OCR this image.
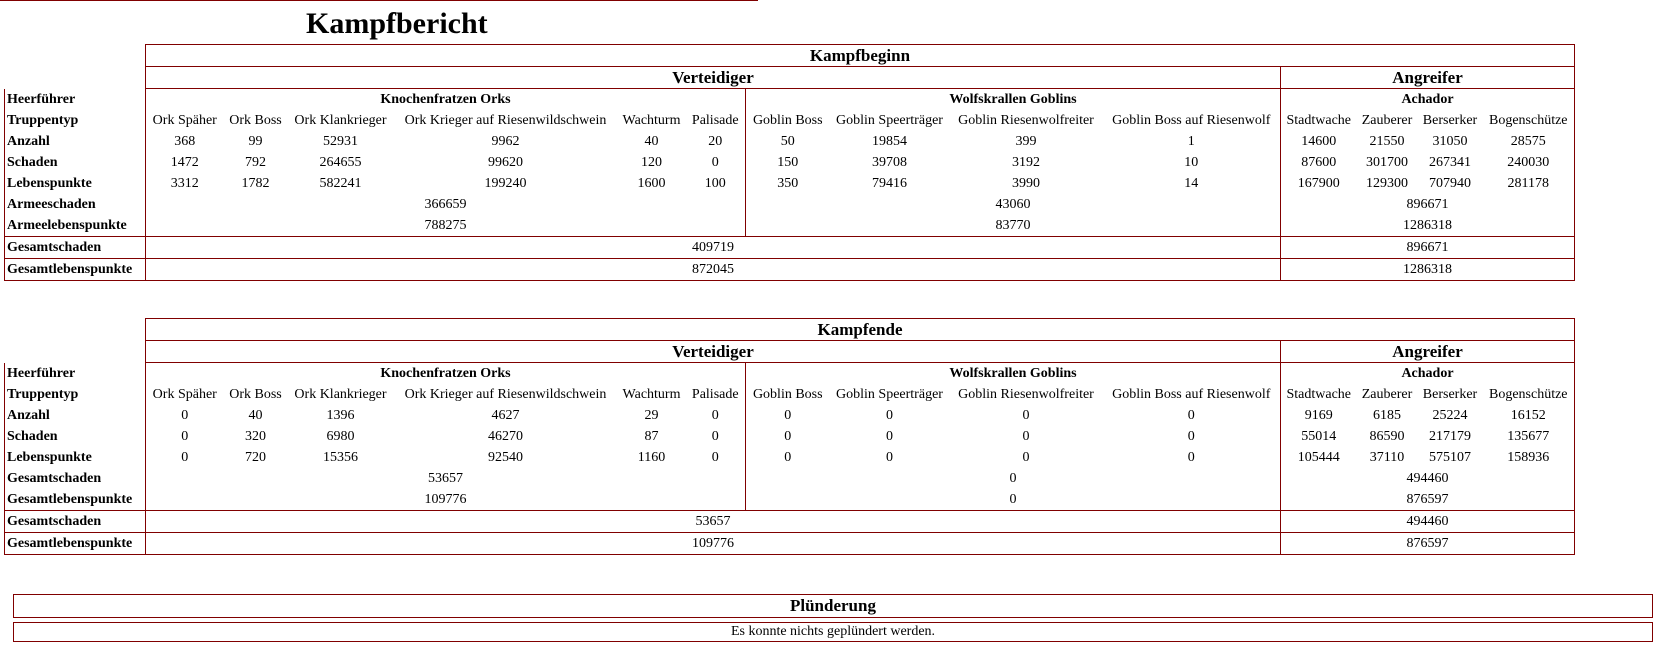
Kampfbericht
	Kampfbeginn													
	Verteidiger										Angreifer			
Heerführer	Knochenfratzen Orks						Wolfskrallen Goblins				Achador			
Truppentyp	Ork Späher	Ork Boss	Ork Klankrieger	Ork Krieger auf Riesenwildschwein	Wachturm	Palisade	Goblin Boss	Goblin Speerträger	Goblin Riesenwolfreiter	Goblin Boss auf Riesenwolf	Stadtwache	Zauberer	Berserker	Bogenschütze
Anzahl	368	99	52931	9962	40	20	50	19854	399	1	14600	21550	31050	28575
Schaden	1472	792	264655	99620	120	0	150	39708	3192	10	87600	301700	267341	240030
Lebenspunkte	3312	1782	582241	199240	1600	100	350	79416	3990	14	167900	129300	707940	281178
Armeeschaden	366659						43060				896671			
Armeelebenspunkte	788275						83770				1286318			
Gesamtschaden	409719										896671			
Gesamtlebenspunkte	872045										1286318			
	Kampfende													
	Verteidiger										Angreifer			
Heerführer	Knochenfratzen Orks						Wolfskrallen Goblins				Achador			
Truppentyp	Ork Späher	Ork Boss	Ork Klankrieger	Ork Krieger auf Riesenwildschwein	Wachturm	Palisade	Goblin Boss	Goblin Speerträger	Goblin Riesenwolfreiter	Goblin Boss auf Riesenwolf	Stadtwache	Zauberer	Berserker	Bogenschütze
Anzahl	0	40	1396	4627	29	0	0	0	0	0	9169	6185	25224	16152
Schaden	0	320	6980	46270	87	0	0	0	0	0	55014	86590	217179	135677
Lebenspunkte	0	720	15356	92540	1160	0	0	0	0	0	105444	37110	575107	158936
Gesamtschaden	53657						0				494460			
Gesamtlebenspunkte	109776						0				876597			
Gesamtschaden	53657										494460			
Gesamtlebenspunkte	109776										876597			
Plünderung
Es konnte nichts geplündert werden.
